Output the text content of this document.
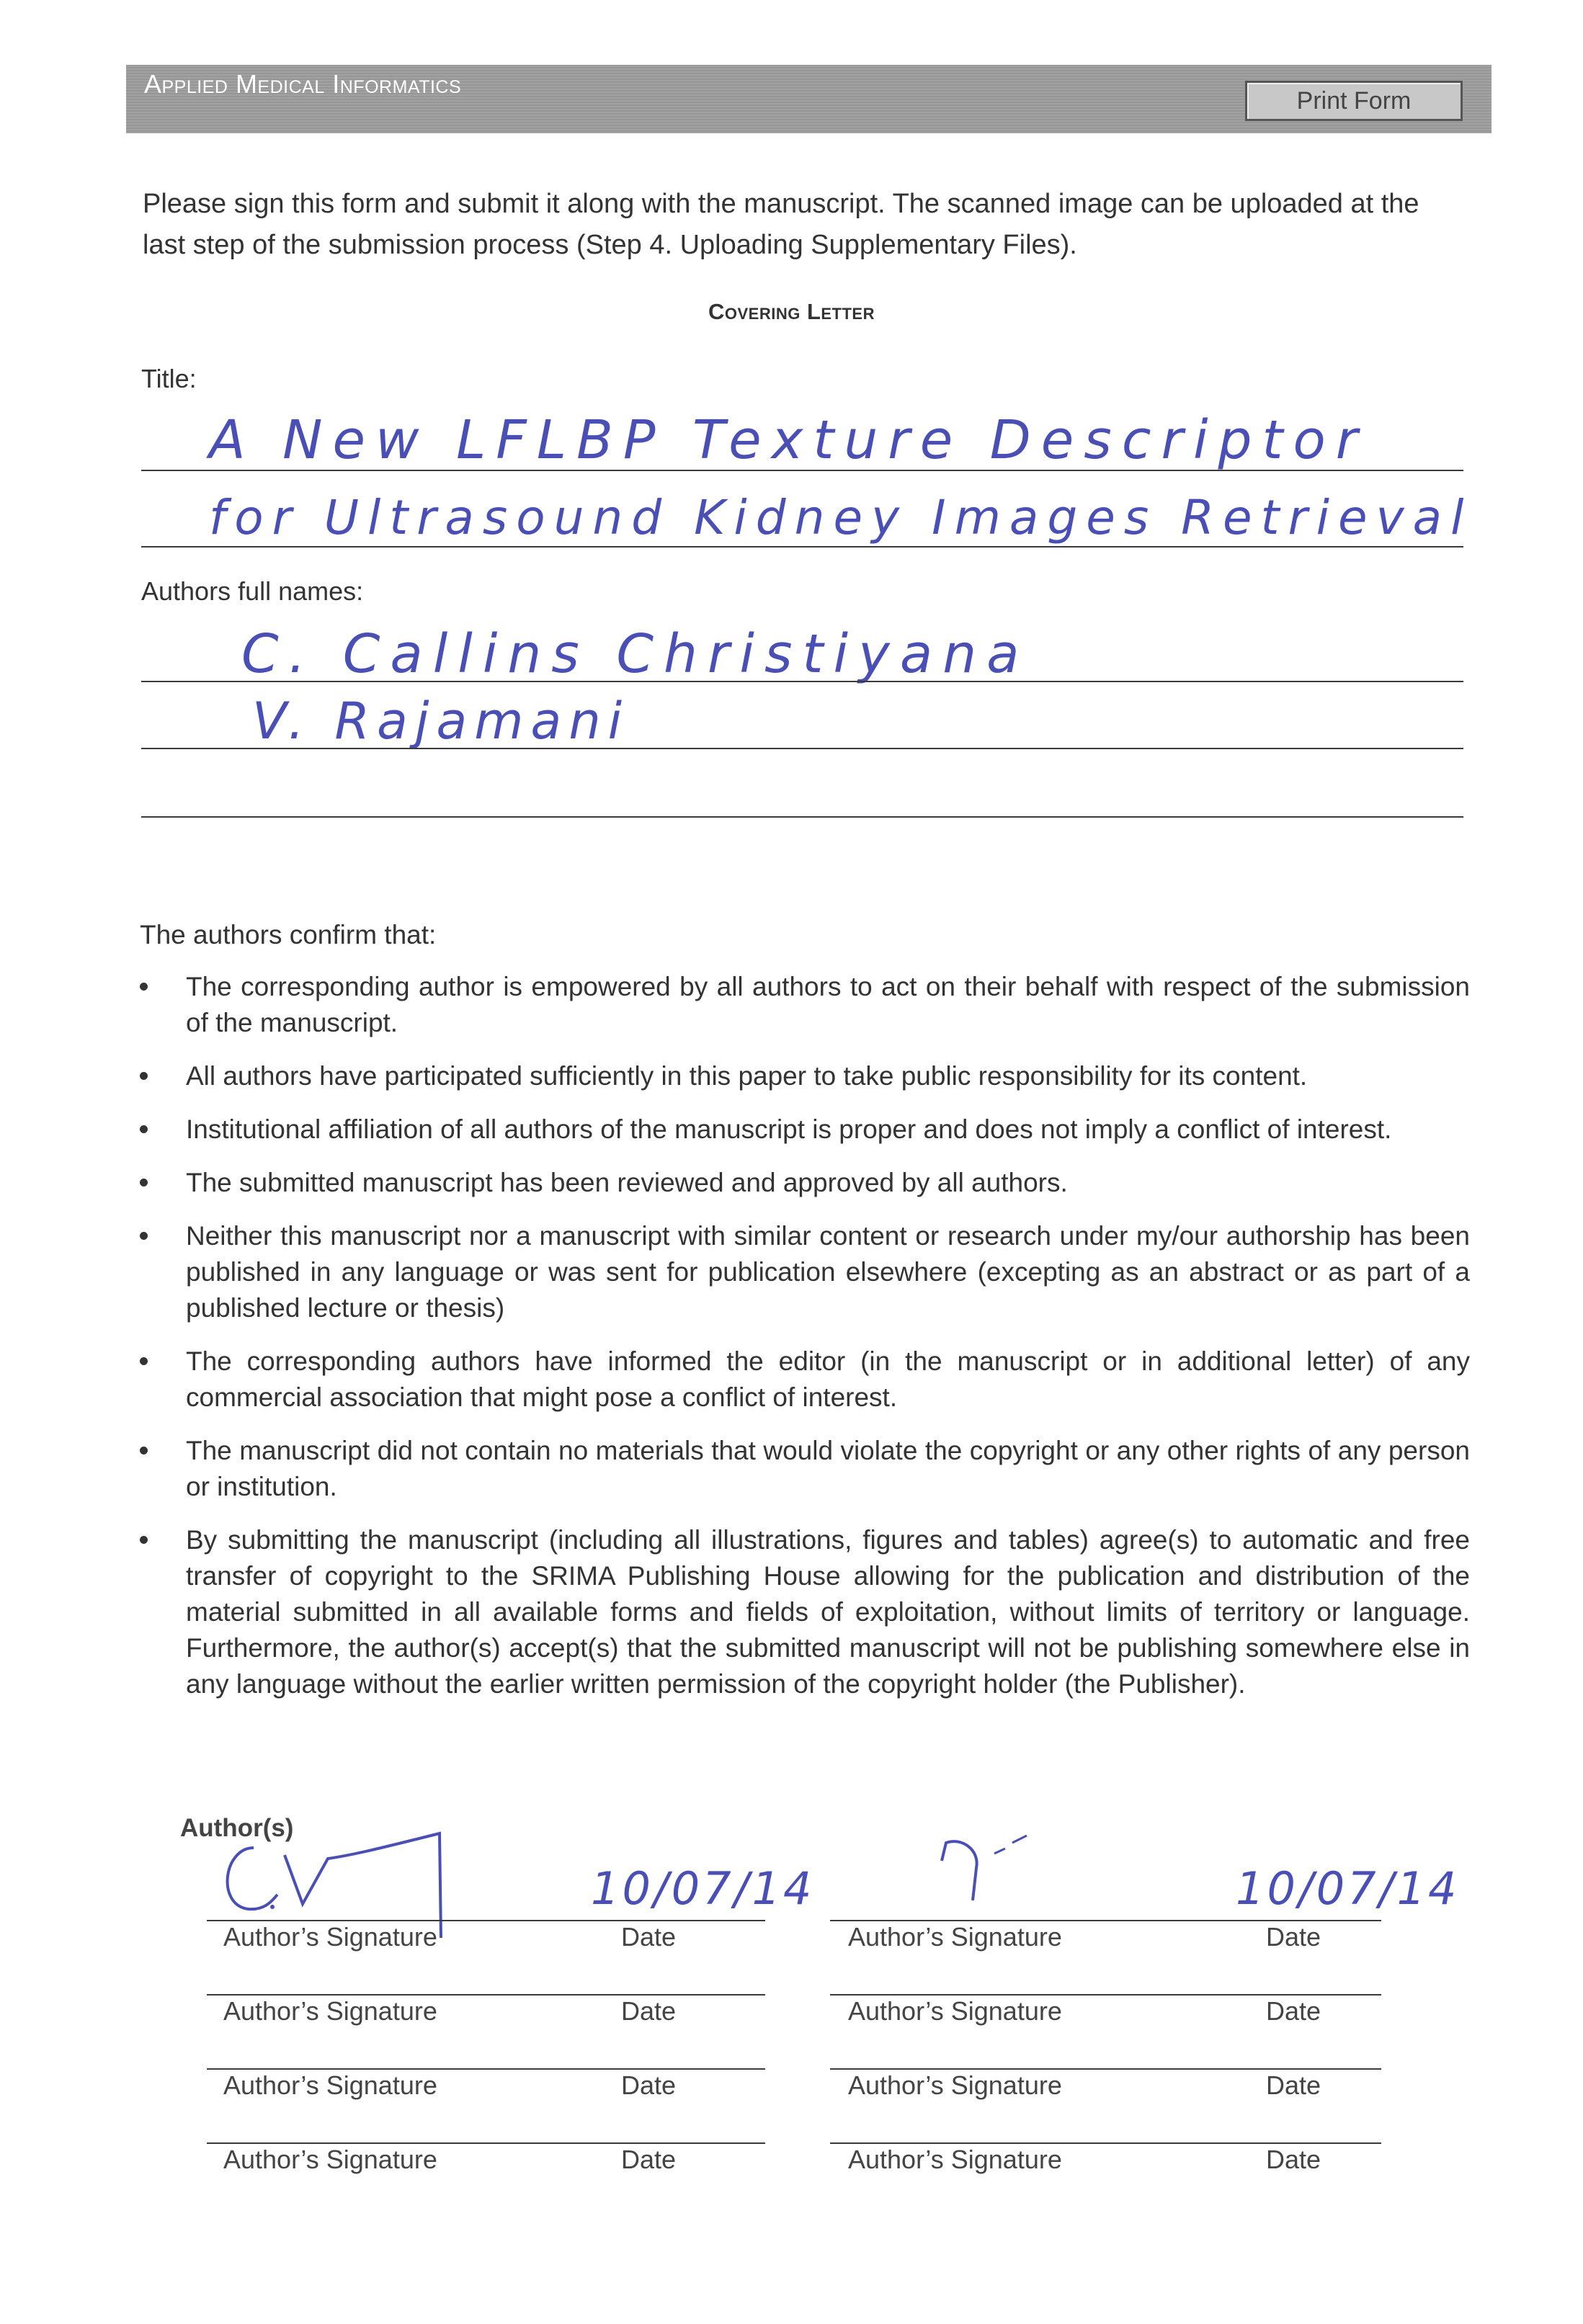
Applied Medical Informatics
Print Form
Please sign this form and submit it along with the manuscript. The scanned image can be uploaded at the last step of the submission process (Step 4. Uploading Supplementary Files).
Covering Letter
Title:
A New LFLBP Texture Descriptor
for Ultrasound Kidney Images Retrieval
Authors full names:
C. Callins Christiyana
V. Rajamani
The authors confirm that:
The corresponding author is empowered by all authors to act on their behalf with respect of the submission of the manuscript.
All authors have participated sufficiently in this paper to take public responsibility for its content.
Institutional affiliation of all authors of the manuscript is proper and does not imply a conflict of interest.
The submitted manuscript has been reviewed and approved by all authors.
Neither this manuscript nor a manuscript with similar content or research under my/our authorship has been published in any language or was sent for publication elsewhere (excepting as an abstract or as part of a published lecture or thesis)
The corresponding authors have informed the editor (in the manuscript or in additional letter) of any commercial association that might pose a conflict of interest.
The manuscript did not contain no materials that would violate the copyright or any other rights of any person or institution.
By submitting the manuscript (including all illustrations, figures and tables) agree(s) to automatic and free transfer of copyright to the SRIMA Publishing House allowing for the publication and distribution of the material submitted in all available forms and fields of exploitation, without limits of territory or language. Furthermore, the author(s) accept(s) that the submitted manuscript will not be publishing somewhere else in any language without the earlier written permission of the copyright holder (the Publisher).
Author(s)
10/07/14	10/07/14
Author’s Signature	Date	Author’s Signature	Date
Author’s Signature	Date	Author’s Signature	Date
Author’s Signature	Date	Author’s Signature	Date
Author’s Signature	Date	Author’s Signature	Date
